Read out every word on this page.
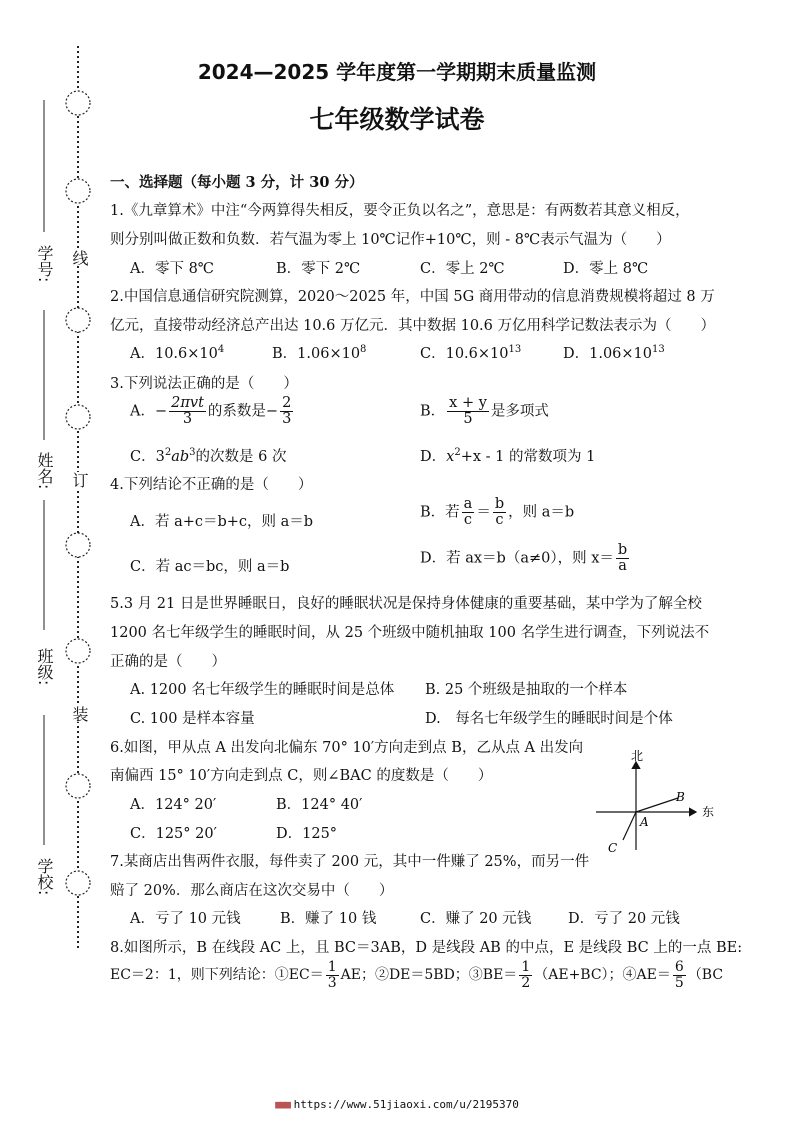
学号:
姓名:
班级:
学校:
线
订
装
2024—2025 学年度第一学期期末质量监测
七年级数学试卷
一、选择题（每小题 3 分，计 30 分）
1.《九章算术》中注“今两算得失相反，要令正负以名之”，意思是：有两数若其意义相反，
则分别叫做正数和负数．若气温为零上 10℃记作+10℃，则 - 8℃表示气温为（　　）
A．零下 8℃	B．零下 2℃	C．零上 2℃	D．零上 8℃
2.中国信息通信研究院测算，2020～2025 年，中国 5G 商用带动的信息消费规模将超过 8 万
亿元，直接带动经济总产出达 10.6 万亿元．其中数据 10.6 万亿用科学记数法表示为（　　）
A．$10.6\times 10^4$	B．$1.06\times 10^8$	C．$10.6\times 10^{13}$	D．$1.06\times 10^{13}$
3.下列说法正确的是（　　）
A．− $\frac{\text{2πvt}}{3}$ 的系数是− $\frac{2}{3}$	B． $\frac{x + y}{5}$ 是多项式
C．$3^2ab^3$的次数是 6 次	D．$x^2+x - 1$ 的常数项为 1
4.下列结论不正确的是（　　）
A．若 a+c＝b+c，则 a＝b
B．若 $\frac{a}{c} = \frac{b}{c}$ ，则 a＝b
C．若 ac＝bc，则 a＝b
D．若 ax＝b（a≠0），则 $x= \frac{b}{a}$
5.3 月 21 日是世界睡眠日，良好的睡眠状况是保持身体健康的重要基础，某中学为了解全校
1200 名七年级学生的睡眠时间，从 25 个班级中随机抽取 100 名学生进行调查，下列说法不
正确的是（　　）
A. 1200 名七年级学生的睡眠时间是总体 B. 25 个班级是抽取的一个样本
C. 100 是样本容量	D.　每名七年级学生的睡眠时间是个体
6.如图，甲从点 A 出发向北偏东 70° 10′方向走到点 B，乙从点 A 出发向
南偏西 15° 10′方向走到点 C，则∠BAC 的度数是（　　）
A．124° 20′	B．124° 40′
C．125° 20′	D．125°
北
东
A
B
C
7.某商店出售两件衣服，每件卖了 200 元，其中一件赚了 25%，而另一件
赔了 20%．那么商店在这次交易中（　　）
A．亏了 10 元钱	B．赚了 10 钱	C．赚了 20 元钱	D．亏了 20 元钱
8.如图所示，B 在线段 AC 上，且 BC＝3AB，D 是线段 AB 的中点，E 是线段 BC 上的一点 BE:
EC＝2：1，则下列结论：①EC＝ $\frac{1}{3}$ AE；②DE＝5BD；③BE＝ $\frac{1}{2} (AE+BC)$；④AE＝ $\frac{6}{5} (BC$
■■■ https://www.51jiaoxi.com/u/2195370
